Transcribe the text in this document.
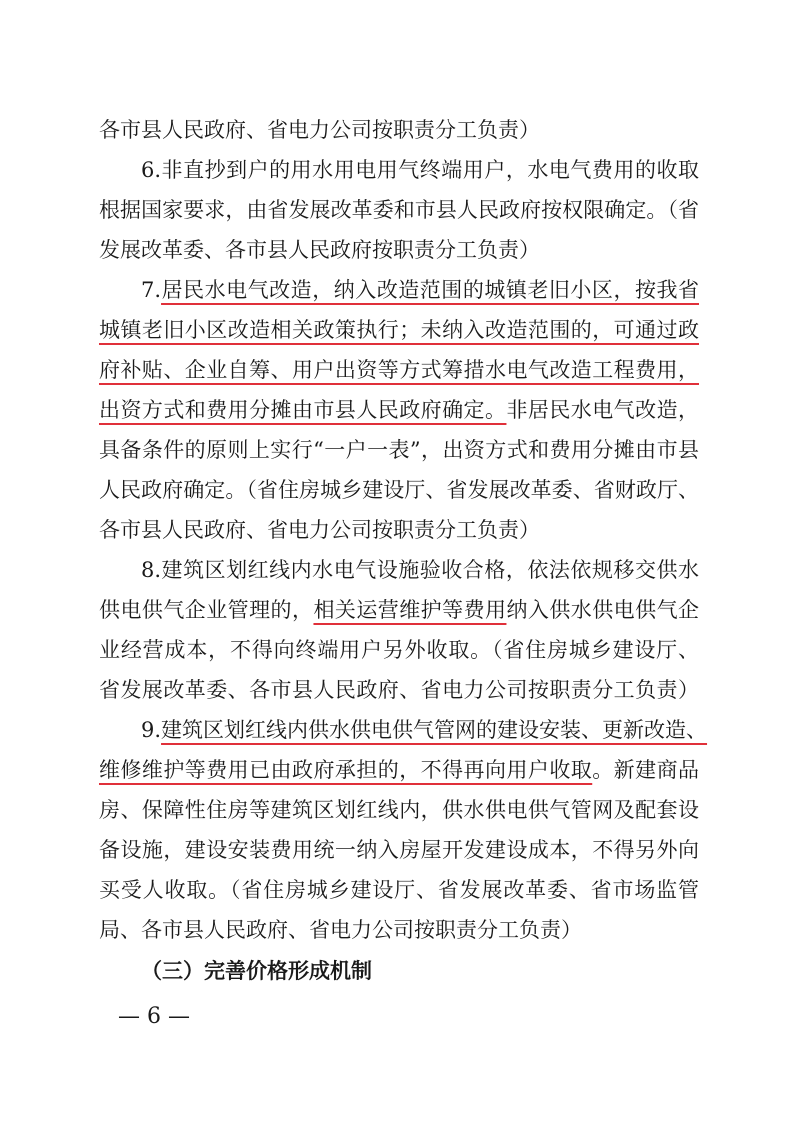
各市县人民政府、省电力公司按职责分工负责）
6.非直抄到户的用水用电用气终端用户，水电气费用的收取
根据国家要求，由省发展改革委和市县人民政府按权限确定。（省
发展改革委、各市县人民政府按职责分工负责）
7.居民水电气改造，纳入改造范围的城镇老旧小区，按我省
城镇老旧小区改造相关政策执行；未纳入改造范围的，可通过政
府补贴、企业自筹、用户出资等方式筹措水电气改造工程费用，
出资方式和费用分摊由市县人民政府确定。非居民水电气改造，
具备条件的原则上实行“一户一表”，出资方式和费用分摊由市县
人民政府确定。（省住房城乡建设厅、省发展改革委、省财政厅、
各市县人民政府、省电力公司按职责分工负责）
8.建筑区划红线内水电气设施验收合格，依法依规移交供水
供电供气企业管理的，相关运营维护等费用纳入供水供电供气企
业经营成本，不得向终端用户另外收取。（省住房城乡建设厅、
省发展改革委、各市县人民政府、省电力公司按职责分工负责）
9.建筑区划红线内供水供电供气管网的建设安装、更新改造、
维修维护等费用已由政府承担的，不得再向用户收取。新建商品
房、保障性住房等建筑区划红线内，供水供电供气管网及配套设
备设施，建设安装费用统一纳入房屋开发建设成本，不得另外向
买受人收取。（省住房城乡建设厅、省发展改革委、省市场监管
局、各市县人民政府、省电力公司按职责分工负责）
（三）完善价格形成机制
— 6 —
